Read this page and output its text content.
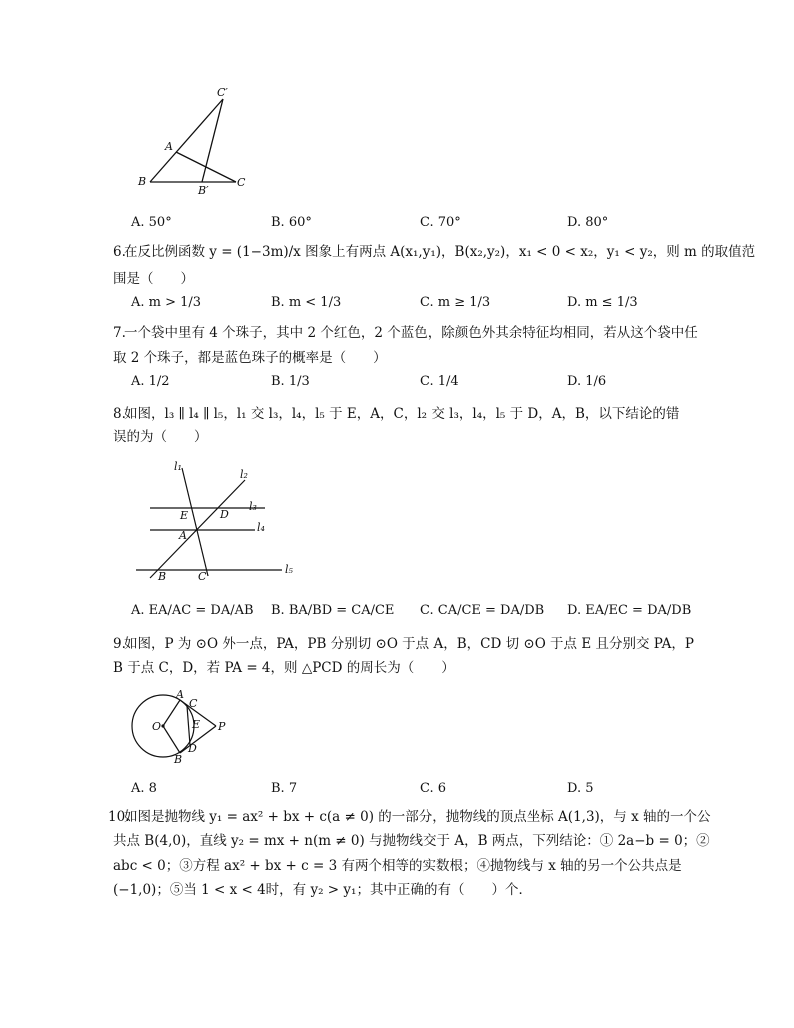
C′
A
B
B′
C
A. 50°	B. 60°	C. 70°	D. 80°
6.
在反比例函数 y = (1−3m)/x 图象上有两点 A(x₁,y₁)，B(x₂,y₂)，x₁ < 0 < x₂，y₁ < y₂，则 m 的取值范
围是（　　）
A. m > 1/3	B. m < 1/3	C. m ≥ 1/3	D. m ≤ 1/3
7.
一个袋中里有 4 个珠子，其中 2 个红色，2 个蓝色，除颜色外其余特征均相同，若从这个袋中任
取 2 个珠子，都是蓝色珠子的概率是（　　）
A. 1/2	B. 1/3	C. 1/4	D. 1/6
8.
如图，l₃ ∥ l₄ ∥ l₅，l₁ 交 l₃，l₄，l₅ 于 E，A，C，l₂ 交 l₃，l₄，l₅ 于 D，A，B，以下结论的错
误的为（　　）
l₁
l₂
l₃
l₄
l₅
E	D
A
B	C
A. EA/AC = DA/AB B. BA/BD = CA/CE C. CA/CE = DA/DB D. EA/EC = DA/DB
9.
如图，P 为 ⊙O 外一点，PA，PB 分别切 ⊙O 于点 A，B，CD 切 ⊙O 于点 E 且分别交 PA，P
B 于点 C，D，若 PA = 4，则 △PCD 的周长为（　　）
A
C
O	E P
D
B
A. 8	B. 7	C. 6	D. 5
10.
如图是抛物线 y₁ = ax² + bx + c(a ≠ 0) 的一部分，抛物线的顶点坐标 A(1,3)，与 x 轴的一个公
共点 B(4,0)，直线 y₂ = mx + n(m ≠ 0) 与抛物线交于 A，B 两点，下列结论：① 2a−b = 0；②
abc < 0；③方程 ax² + bx + c = 3 有两个相等的实数根；④抛物线与 x 轴的另一个公共点是
(−1,0)；⑤当 1 < x < 4时，有 y₂ > y₁；其中正确的有（　　）个．
